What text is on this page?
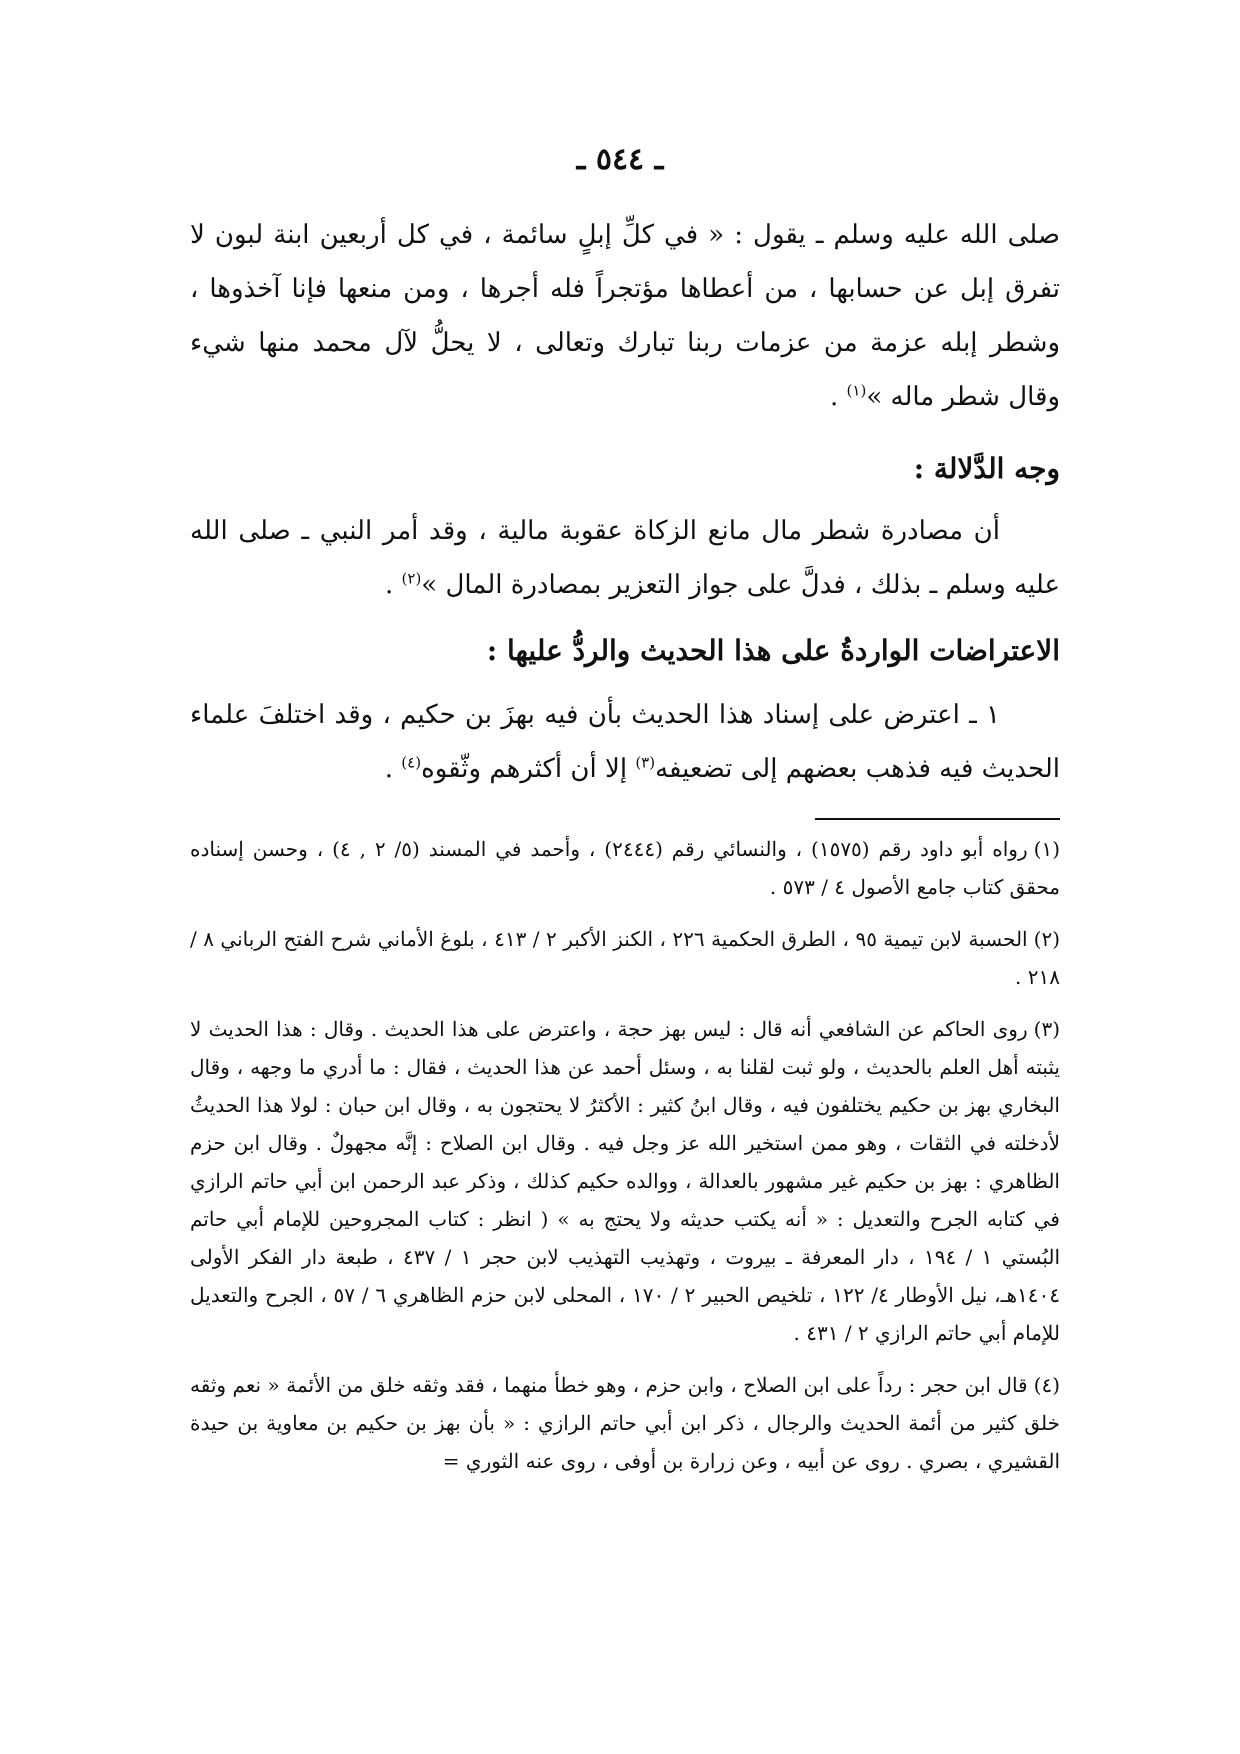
ـ ٥٤٤ ـ

صلى الله عليه وسلم ـ يقول : « في كلِّ إبلٍ سائمة ، في كل أربعين ابنة لبون لا تفرق إبل عن حسابها ، من أعطاها مؤتجراً فله أجرها ، ومن منعها فإنا آخذوها ، وشطر إبله عزمة من عزمات ربنا تبارك وتعالى ، لا يحلُّ لآل محمد منها شيء وقال شطر ماله »$^{(١)}$ .

وجه الدَّلالة :

أن مصادرة شطر مال مانع الزكاة عقوبة مالية ، وقد أمر النبي ـ صلى الله عليه وسلم ـ بذلك ، فدلَّ على جواز التعزير بمصادرة المال »$^{(٢)}$ .

الاعتراضات الواردةُ على هذا الحديث والردُّ عليها :

١ ـ اعترض على إسناد هذا الحديث بأن فيه بهزَ بن حكيم ، وقد اختلفَ علماء الحديث فيه فذهب بعضهم إلى تضعيفه$^{(٣)}$ إلا أن أكثرهم وثّقوه$^{(٤)}$ .

(١)رواه أبو داود رقم (١٥٧٥) ، والنسائي رقم (٢٤٤٤) ، وأحمد في المسند (٥/ ٢ , ٤) ، وحسن إسناده محقق كتاب جامع الأصول ٤ / ٥٧٣ .

(٢)الحسبة لابن تيمية ٩٥ ، الطرق الحكمية ٢٢٦ ، الكنز الأكبر ٢ / ٤١٣ ، بلوغ الأماني شرح الفتح الرباني ٨ / ٢١٨ .

(٣)روى الحاكم عن الشافعي أنه قال : ليس بهز حجة ، واعترض على هذا الحديث . وقال : هذا الحديث لا يثبته أهل العلم بالحديث ، ولو ثبت لقلنا به ، وسئل أحمد عن هذا الحديث ، فقال : ما أدري ما وجهه ، وقال البخاري بهز بن حكيم يختلفون فيه ، وقال ابنُ كثير : الأكثرُ لا يحتجون به ، وقال ابن حبان : لولا هذا الحديثُ لأدخلته في الثقات ، وهو ممن استخير الله عز وجل فيه . وقال ابن الصلاح : إنَّه مجهولٌ . وقال ابن حزم الظاهري : بهز بن حكيم غير مشهور بالعدالة ، ووالده حكيم كذلك ، وذكر عبد الرحمن ابن أبي حاتم الرازي في كتابه الجرح والتعديل : « أنه يكتب حديثه ولا يحتج به » ( انظر : كتاب المجروحين للإمام أبي حاتم البُستي ١ / ١٩٤ ، دار المعرفة ـ بيروت ، وتهذيب التهذيب لابن حجر ١ / ٤٣٧ ، طبعة دار الفكر الأولى ١٤٠٤هـ، نيل الأوطار ٤/ ١٢٢ ، تلخيص الحبير ٢ / ١٧٠ ، المحلى لابن حزم الظاهري ٦ / ٥٧ ، الجرح والتعديل للإمام أبي حاتم الرازي ٢ / ٤٣١ .

(٤)قال ابن حجر : رداً على ابن الصلاح ، وابن حزم ، وهو خطأ منهما ، فقد وثقه خلق من الأئمة « نعم وثقه خلق كثير من أئمة الحديث والرجال ، ذكر ابن أبي حاتم الرازي : « بأن بهز بن حكيم بن معاوية بن حيدة القشيري ، بصري . روى عن أبيه ، وعن زرارة بن أوفى ، روى عنه الثوري =
